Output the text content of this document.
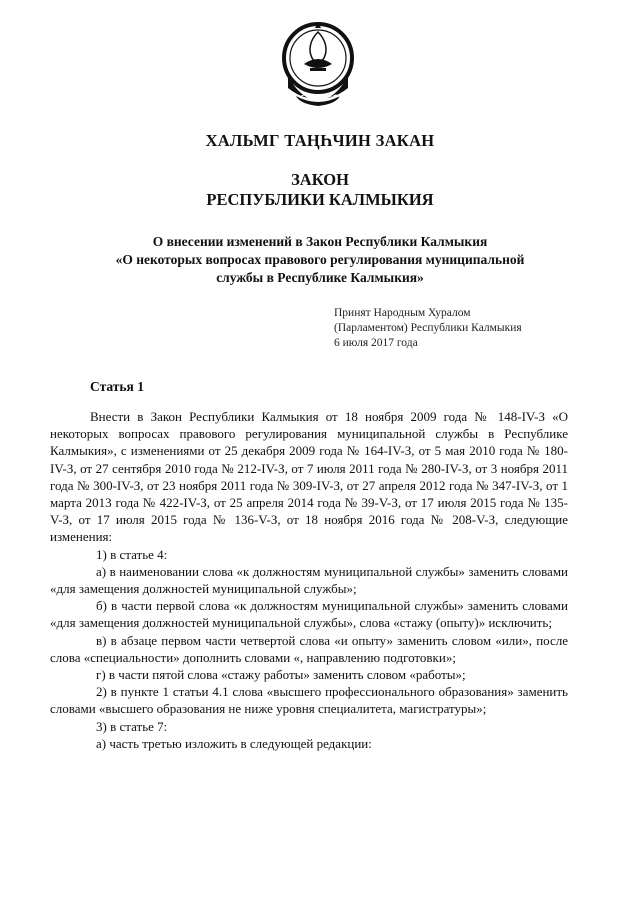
ХАЛЬМГ ТАҢҺЧИН ЗАКАН
ЗАКОН
РЕСПУБЛИКИ КАЛМЫКИЯ
О внесении изменений в Закон Республики Калмыкия
«О некоторых вопросах правового регулирования муниципальной
службы в Республике Калмыкия»
Принят Народным Хуралом
(Парламентом) Республики Калмыкия
6 июля 2017 года
Статья 1

Внести в Закон Республики Калмыкия от 18 ноября 2009 года № 148-IV-З «О некоторых вопросах правового регулирования муниципальной службы в Республике Калмыкия», с изменениями от 25 декабря 2009 года № 164-IV-З, от 5 мая 2010 года № 180-IV-З, от 27 сентября 2010 года № 212-IV-З, от 7 июля 2011 года № 280-IV-З, от 3 ноября 2011 года № 300-IV-З, от 23 ноября 2011 года № 309-IV-З, от 27 апреля 2012 года № 347-IV-З, от 1 марта 2013 года № 422-IV-З, от 25 апреля 2014 года № 39-V-З, от 17 июля 2015 года № 135-V-З, от 17 июля 2015 года № 136-V-З, от 18 ноября 2016 года № 208-V-З, следующие изменения:

1) в статье 4:

а) в наименовании слова «к должностям муниципальной службы» заменить словами «для замещения должностей муниципальной службы»;

б) в части первой слова «к должностям муниципальной службы» заменить словами «для замещения должностей муниципальной службы», слова «стажу (опыту)» исключить;

в) в абзаце первом части четвертой слова «и опыту» заменить словом «или», после слова «специальности» дополнить словами «, направлению подготовки»;

г) в части пятой слова «стажу работы» заменить словом «работы»;

2) в пункте 1 статьи 4.1 слова «высшего профессионального образования» заменить словами «высшего образования не ниже уровня специалитета, магистратуры»;

3) в статье 7:

а) часть третью изложить в следующей редакции:
